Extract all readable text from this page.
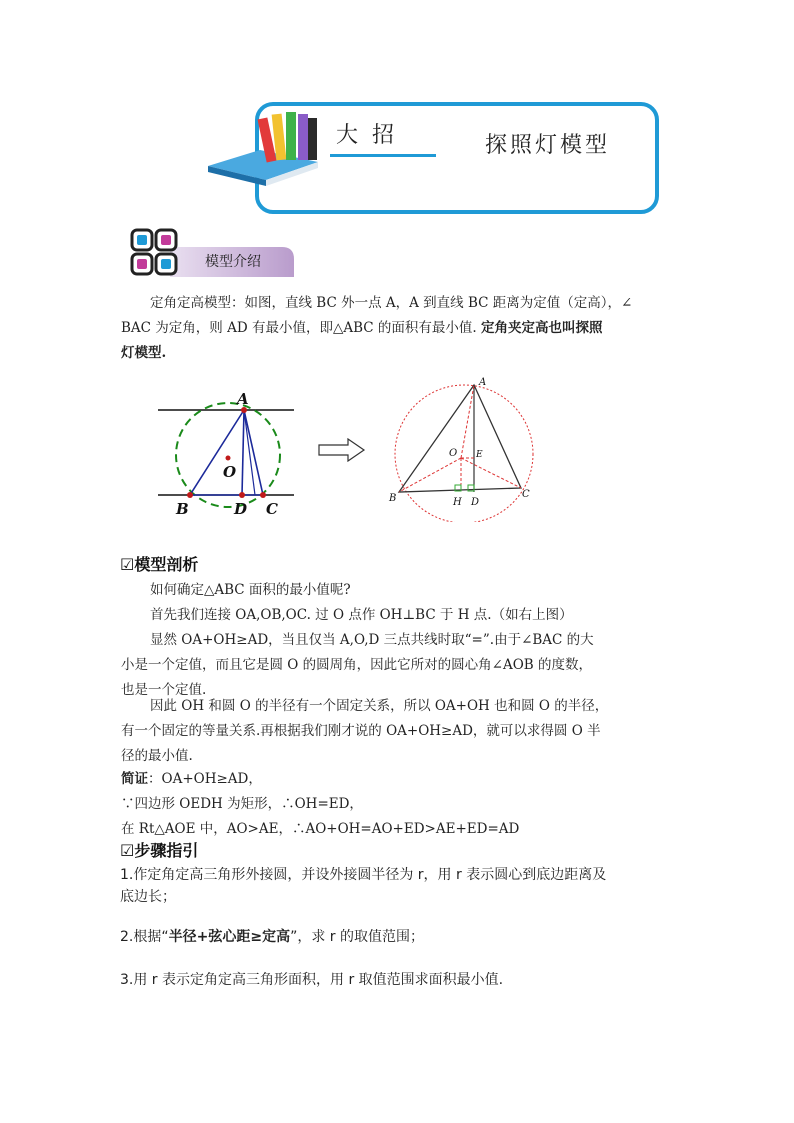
大招	探照灯模型
模型介绍
定角定高模型：如图，直线 BC 外一点 A，A 到直线 BC 距离为定值（定高），∠
BAC 为定角，则 AD 有最小值，即△ABC 的面积有最小值. 定角夹定高也叫探照
灯模型.
A
B	D C
O
A
B	C
O E
H D
☑模型剖析
如何确定△ABC 面积的最小值呢?
首先我们连接 OA,OB,OC. 过 O 点作 OH⊥BC 于 H 点.（如右上图）
显然 OA+OH≥AD，当且仅当 A,O,D 三点共线时取“=”.由于∠BAC 的大
小是一个定值，而且它是圆 O 的圆周角，因此它所对的圆心角∠AOB 的度数，
也是一个定值.
因此 OH 和圆 O 的半径有一个固定关系，所以 OA+OH 也和圆 O 的半径，
有一个固定的等量关系.再根据我们刚才说的 OA+OH≥AD，就可以求得圆 O 半
径的最小值.
简证：OA+OH≥AD，
∵四边形 OEDH 为矩形，∴OH=ED，
在 Rt△AOE 中，AO>AE，∴AO+OH=AO+ED>AE+ED=AD
☑步骤指引
1.作定角定高三角形外接圆，并设外接圆半径为 r，用 r 表示圆心到底边距离及
底边长；
2.根据“半径+弦心距≥定高”，求 r 的取值范围；
3.用 r 表示定角定高三角形面积，用 r 取值范围求面积最小值.
